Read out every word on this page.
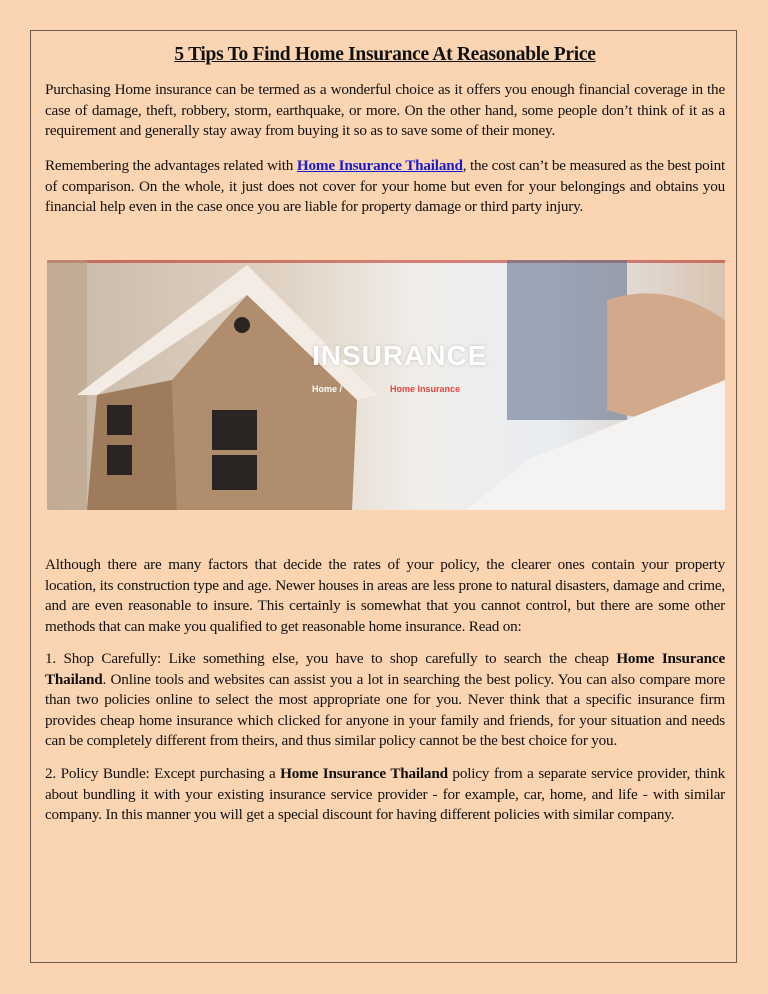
5 Tips To Find Home Insurance At Reasonable Price

Purchasing Home insurance can be termed as a wonderful choice as it offers you enough financial coverage in the case of damage, theft, robbery, storm, earthquake, or more. On the other hand, some people don’t think of it as a requirement and generally stay away from buying it so as to save some of their money.

Remembering the advantages related with Home Insurance Thailand, the cost can’t be measured as the best point of comparison. On the whole, it just does not cover for your home but even for your belongings and obtains you financial help even in the case once you are liable for property damage or third party injury.

Although there are many factors that decide the rates of your policy, the clearer ones contain your property location, its construction type and age. Newer houses in areas are less prone to natural disasters, damage and crime, and are even reasonable to insure. This certainly is somewhat that you cannot control, but there are some other methods that can make you qualified to get reasonable home insurance. Read on:

1. Shop Carefully: Like something else, you have to shop carefully to search the cheap Home Insurance Thailand. Online tools and websites can assist you a lot in searching the best policy. You can also compare more than two policies online to select the most appropriate one for you. Never think that a specific insurance firm provides cheap home insurance which clicked for anyone in your family and friends, for your situation and needs can be completely different from theirs, and thus similar policy cannot be the best choice for you.

2. Policy Bundle: Except purchasing a Home Insurance Thailand policy from a separate service provider, think about bundling it with your existing insurance service provider - for example, car, home, and life - with similar company. In this manner you will get a special discount for having different policies with similar company.

INSURANCE
Home /	Home Insurance
